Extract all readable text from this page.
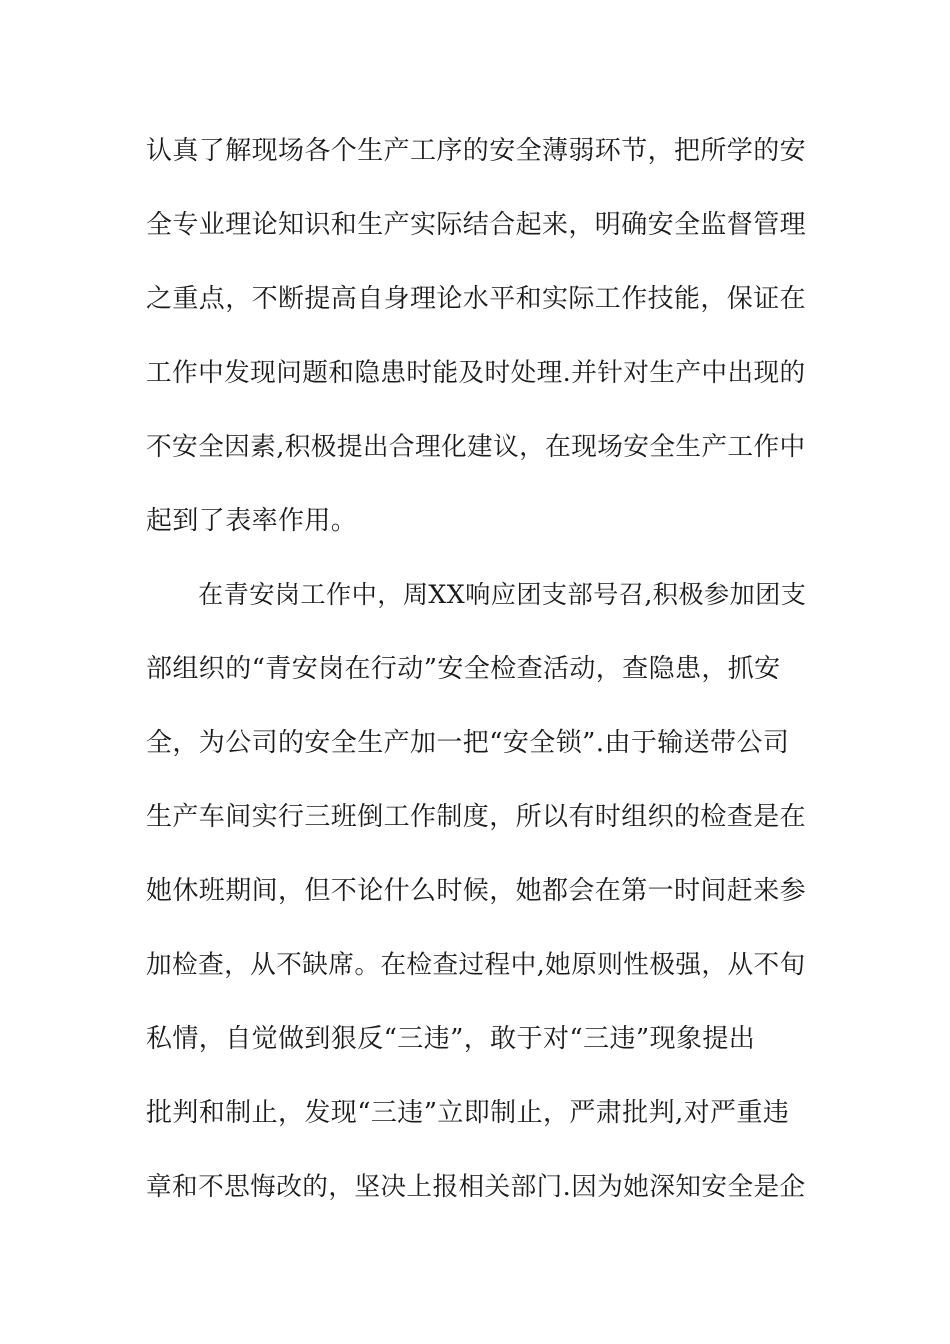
认真了解现场各个生产工序的安全薄弱环节，把所学的安
全专业理论知识和生产实际结合起来，明确安全监督管理
之重点，不断提高自身理论水平和实际工作技能，保证在
工作中发现问题和隐患时能及时处理.并针对生产中出现的
不安全因素,积极提出合理化建议，在现场安全生产工作中
起到了表率作用。
在青安岗工作中，周XX响应团支部号召,积极参加团支
部组织的“青安岗在行动”安全检查活动，查隐患，抓安
全，为公司的安全生产加一把“安全锁”.由于输送带公司
生产车间实行三班倒工作制度，所以有时组织的检查是在
她休班期间，但不论什么时候，她都会在第一时间赶来参
加检查，从不缺席。在检查过程中,她原则性极强，从不旬
私情，自觉做到狠反“三违”，敢于对“三违”现象提出
批判和制止，发现“三违”立即制止，严肃批判,对严重违
章和不思悔改的，坚决上报相关部门.因为她深知安全是企
